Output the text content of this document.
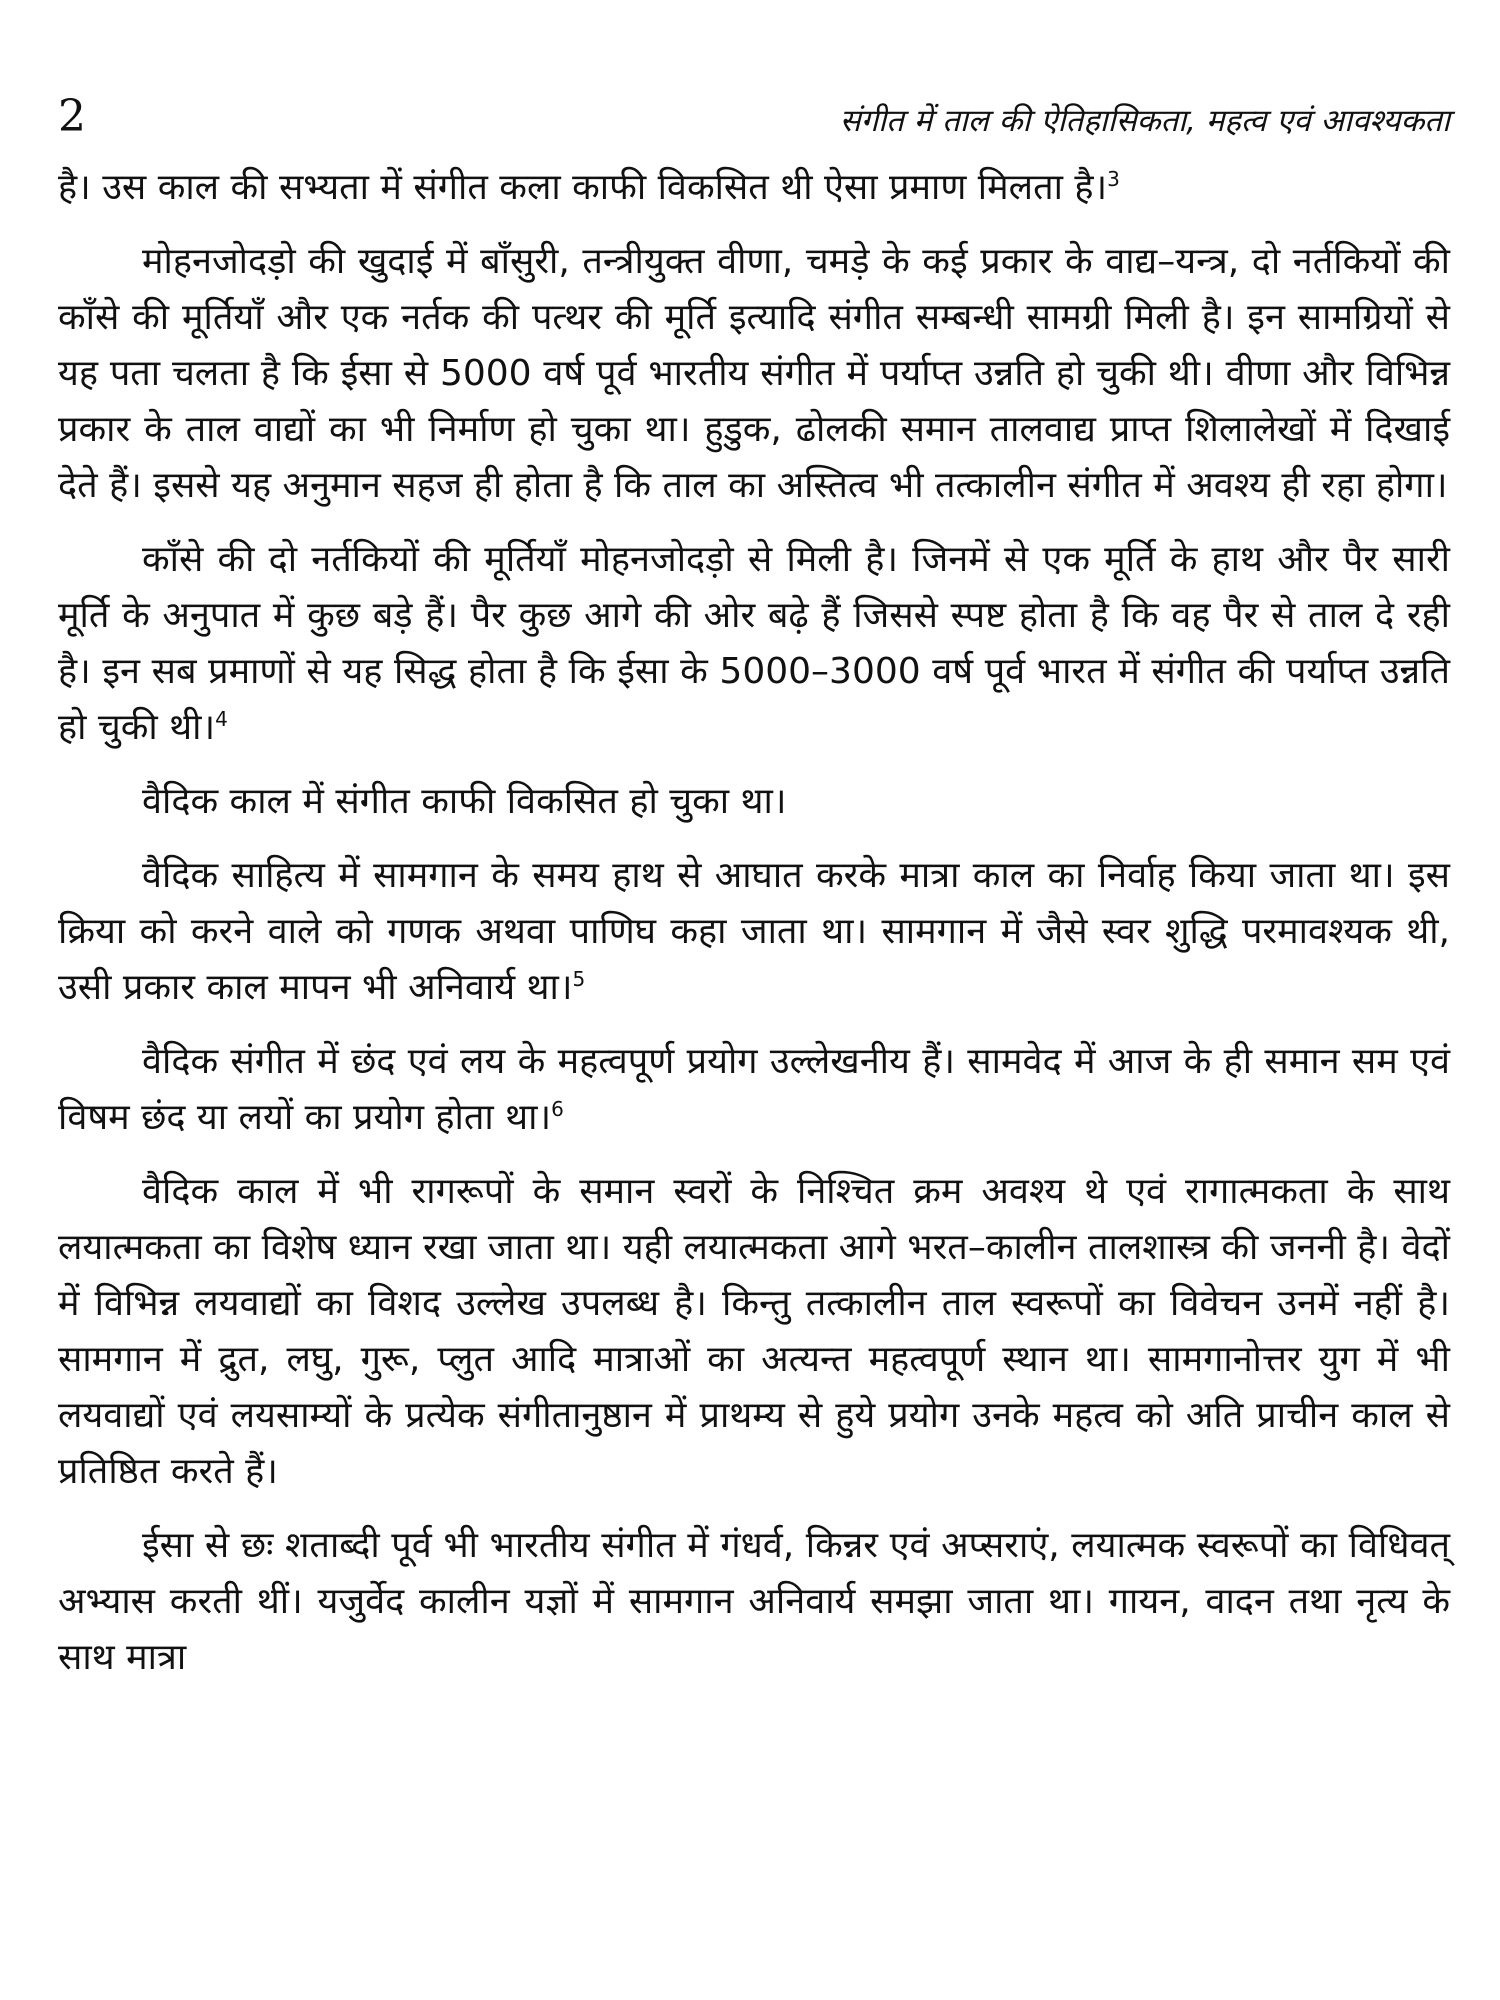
2	संगीत में ताल की ऐतिहासिकता, महत्व एवं आवश्यकता

है। उस काल की सभ्यता में संगीत कला काफी विकसित थी ऐसा प्रमाण मिलता है।$^3$

मोहनजोदड़ो की खुदाई में बाँसुरी, तन्त्रीयुक्त वीणा, चमड़े के कई प्रकार के वाद्य–यन्त्र, दो नर्तकियों की काँसे की मूर्तियाँ और एक नर्तक की पत्थर की मूर्ति इत्यादि संगीत सम्बन्धी सामग्री मिली है। इन सामग्रियों से यह पता चलता है कि ईसा से 5000 वर्ष पूर्व भारतीय संगीत में पर्याप्त उन्नति हो चुकी थी। वीणा और विभिन्न प्रकार के ताल वाद्यों का भी निर्माण हो चुका था। हुडुक, ढोलकी समान तालवाद्य प्राप्त शिलालेखों में दिखाई देते हैं। इससे यह अनुमान सहज ही होता है कि ताल का अस्तित्व भी तत्कालीन संगीत में अवश्य ही रहा होगा।

काँसे की दो नर्तकियों की मूर्तियाँ मोहनजोदड़ो से मिली है। जिनमें से एक मूर्ति के हाथ और पैर सारी मूर्ति के अनुपात में कुछ बड़े हैं। पैर कुछ आगे की ओर बढ़े हैं जिससे स्पष्ट होता है कि वह पैर से ताल दे रही है। इन सब प्रमाणों से यह सिद्ध होता है कि ईसा के 5000–3000 वर्ष पूर्व भारत में संगीत की पर्याप्त उन्नति हो चुकी थी।$^4$

वैदिक काल में संगीत काफी विकसित हो चुका था।

वैदिक साहित्य में सामगान के समय हाथ से आघात करके मात्रा काल का निर्वाह किया जाता था। इस क्रिया को करने वाले को गणक अथवा पाणिघ कहा जाता था। सामगान में जैसे स्वर शुद्धि परमावश्यक थी, उसी प्रकार काल मापन भी अनिवार्य था।$^5$

वैदिक संगीत में छंद एवं लय के महत्वपूर्ण प्रयोग उल्लेखनीय हैं। सामवेद में आज के ही समान सम एवं विषम छंद या लयों का प्रयोग होता था।$^6$

वैदिक काल में भी रागरूपों के समान स्वरों के निश्चित क्रम अवश्य थे एवं रागात्मकता के साथ लयात्मकता का विशेष ध्यान रखा जाता था। यही लयात्मकता आगे भरत–कालीन तालशास्त्र की जननी है। वेदों में विभिन्न लयवाद्यों का विशद उल्लेख उपलब्ध है। किन्तु तत्कालीन ताल स्वरूपों का विवेचन उनमें नहीं है। सामगान में द्रुत, लघु, गुरू, प्लुत आदि मात्राओं का अत्यन्त महत्वपूर्ण स्थान था। सामगानोत्तर युग में भी लयवाद्यों एवं लयसाम्यों के प्रत्येक संगीतानुष्ठान में प्राथम्य से हुये प्रयोग उनके महत्व को अति प्राचीन काल से प्रतिष्ठित करते हैं।

ईसा से छः शताब्दी पूर्व भी भारतीय संगीत में गंधर्व, किन्नर एवं अप्सराएं, लयात्मक स्वरूपों का विधिवत् अभ्यास करती थीं। यजुर्वेद कालीन यज्ञों में सामगान अनिवार्य समझा जाता था। गायन, वादन तथा नृत्य के साथ मात्रा
